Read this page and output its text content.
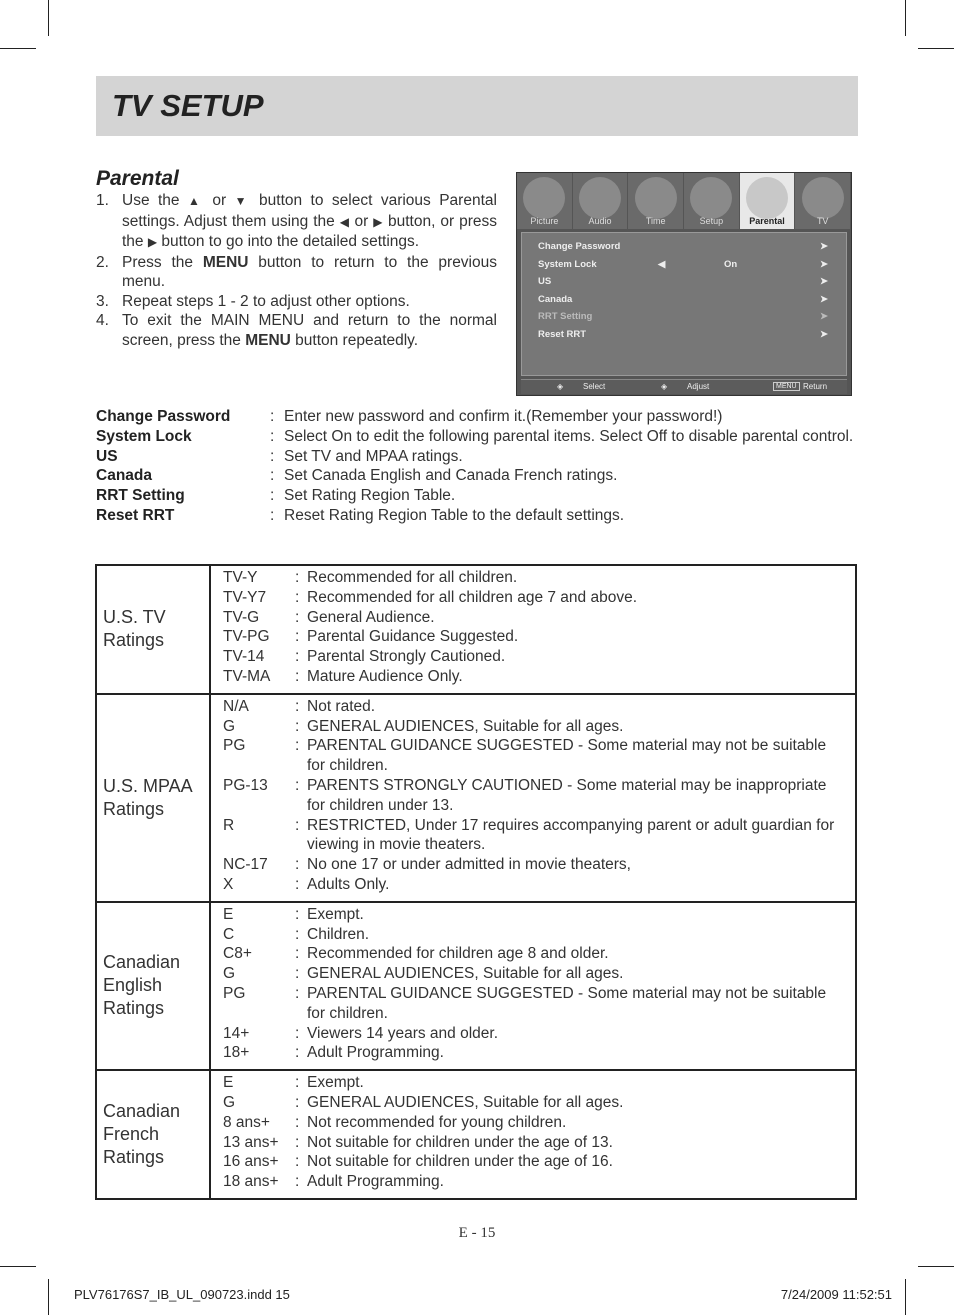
TV SETUP
Parental
1. Use the ▲ or ▼ button to select various Parental settings. Adjust them using the ◀ or ▶ button, or press the ▶ button to go into the detailed settings.
2. Press the MENU button to return to the previous menu.
3. Repeat steps 1 - 2 to adjust other options.
4. To exit the MAIN MENU and return to the normal screen, press the MENU button repeatedly.
Picture	Audio	Time	Setup	Parental	TV
Change Password	➤
System Lock	◀	On	➤
US	➤
Canada	➤
RRT Setting	➤
Reset RRT	➤
◈ Select	◈ Adjust	MENU Return
Change Password	: Enter new password and confirm it.(Remember your password!)
System Lock	: Select On to edit the following parental items. Select Off to disable parental control.
US	: Set TV and MPAA ratings.
Canada	: Set Canada English and Canada French ratings.
RRT Setting	: Set Rating Region Table.
Reset RRT	: Reset Rating Region Table to the default settings.
U.S. TV Ratings
TV-Y	: Recommended for all children.
TV-Y7	: Recommended for all children age 7 and above.
TV-G	: General Audience.
TV-PG	: Parental Guidance Suggested.
TV-14	: Parental Strongly Cautioned.
TV-MA	: Mature Audience Only.
U.S. MPAA Ratings
N/A	: Not rated.
G	: GENERAL AUDIENCES, Suitable for all ages.
PG	: PARENTAL GUIDANCE SUGGESTED - Some material may not be suitable for children.
PG-13	: PARENTS STRONGLY CAUTIONED - Some material may be inappropriate for children under 13.
R	: RESTRICTED, Under 17 requires accompanying parent or adult guardian for viewing in movie theaters.
NC-17	: No one 17 or under admitted in movie theaters,
X	: Adults Only.
Canadian English Ratings
E	: Exempt.
C	: Children.
C8+	: Recommended for children age 8 and older.
G	: GENERAL AUDIENCES, Suitable for all ages.
PG	: PARENTAL GUIDANCE SUGGESTED - Some material may not be suitable for children.
14+	: Viewers 14 years and older.
18+	: Adult Programming.
Canadian French Ratings
E	: Exempt.
G	: GENERAL AUDIENCES, Suitable for all ages.
8 ans+	: Not recommended for young children.
13 ans+	: Not suitable for children under the age of 13.
16 ans+	: Not suitable for children under the age of 16.
18 ans+	: Adult Programming.
E - 15
PLV76176S7_IB_UL_090723.indd 15	7/24/2009 11:52:51
